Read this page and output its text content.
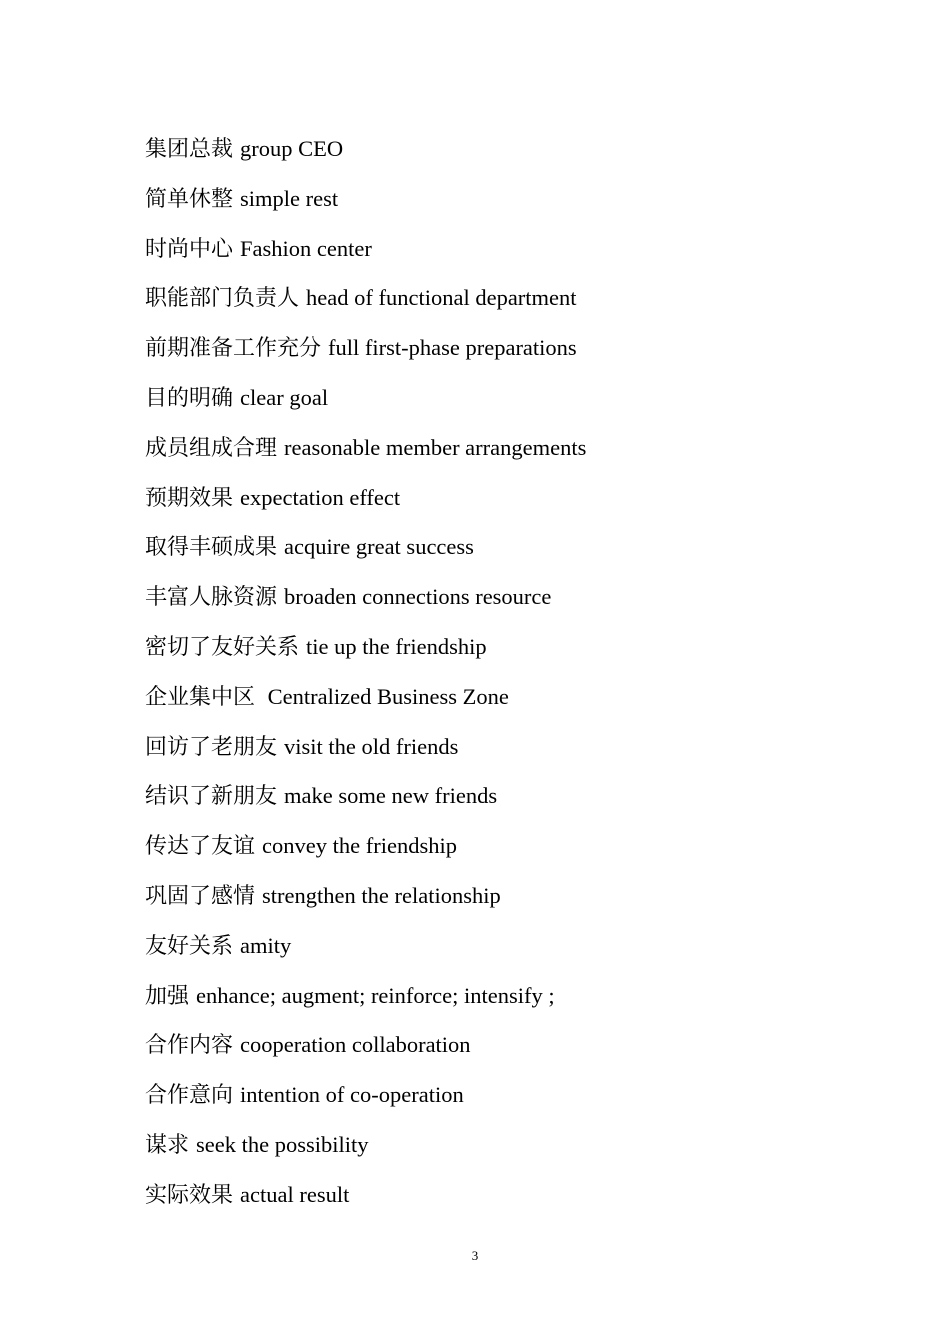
集团总裁 group CEO
简单休整 simple rest
时尚中心 Fashion center
职能部门负责人 head of functional department
前期准备工作充分 full first-phase preparations
目的明确 clear goal
成员组成合理 reasonable member arrangements
预期效果 expectation effect
取得丰硕成果 acquire great success
丰富人脉资源 broaden connections resource
密切了友好关系 tie up the friendship
企业集中区  Centralized Business Zone
回访了老朋友 visit the old friends
结识了新朋友 make some new friends
传达了友谊 convey the friendship
巩固了感情 strengthen the relationship
友好关系 amity
加强 enhance; augment; reinforce; intensify ;
合作内容 cooperation collaboration
合作意向 intention of co-operation
谋求 seek the possibility
实际效果 actual result
3
